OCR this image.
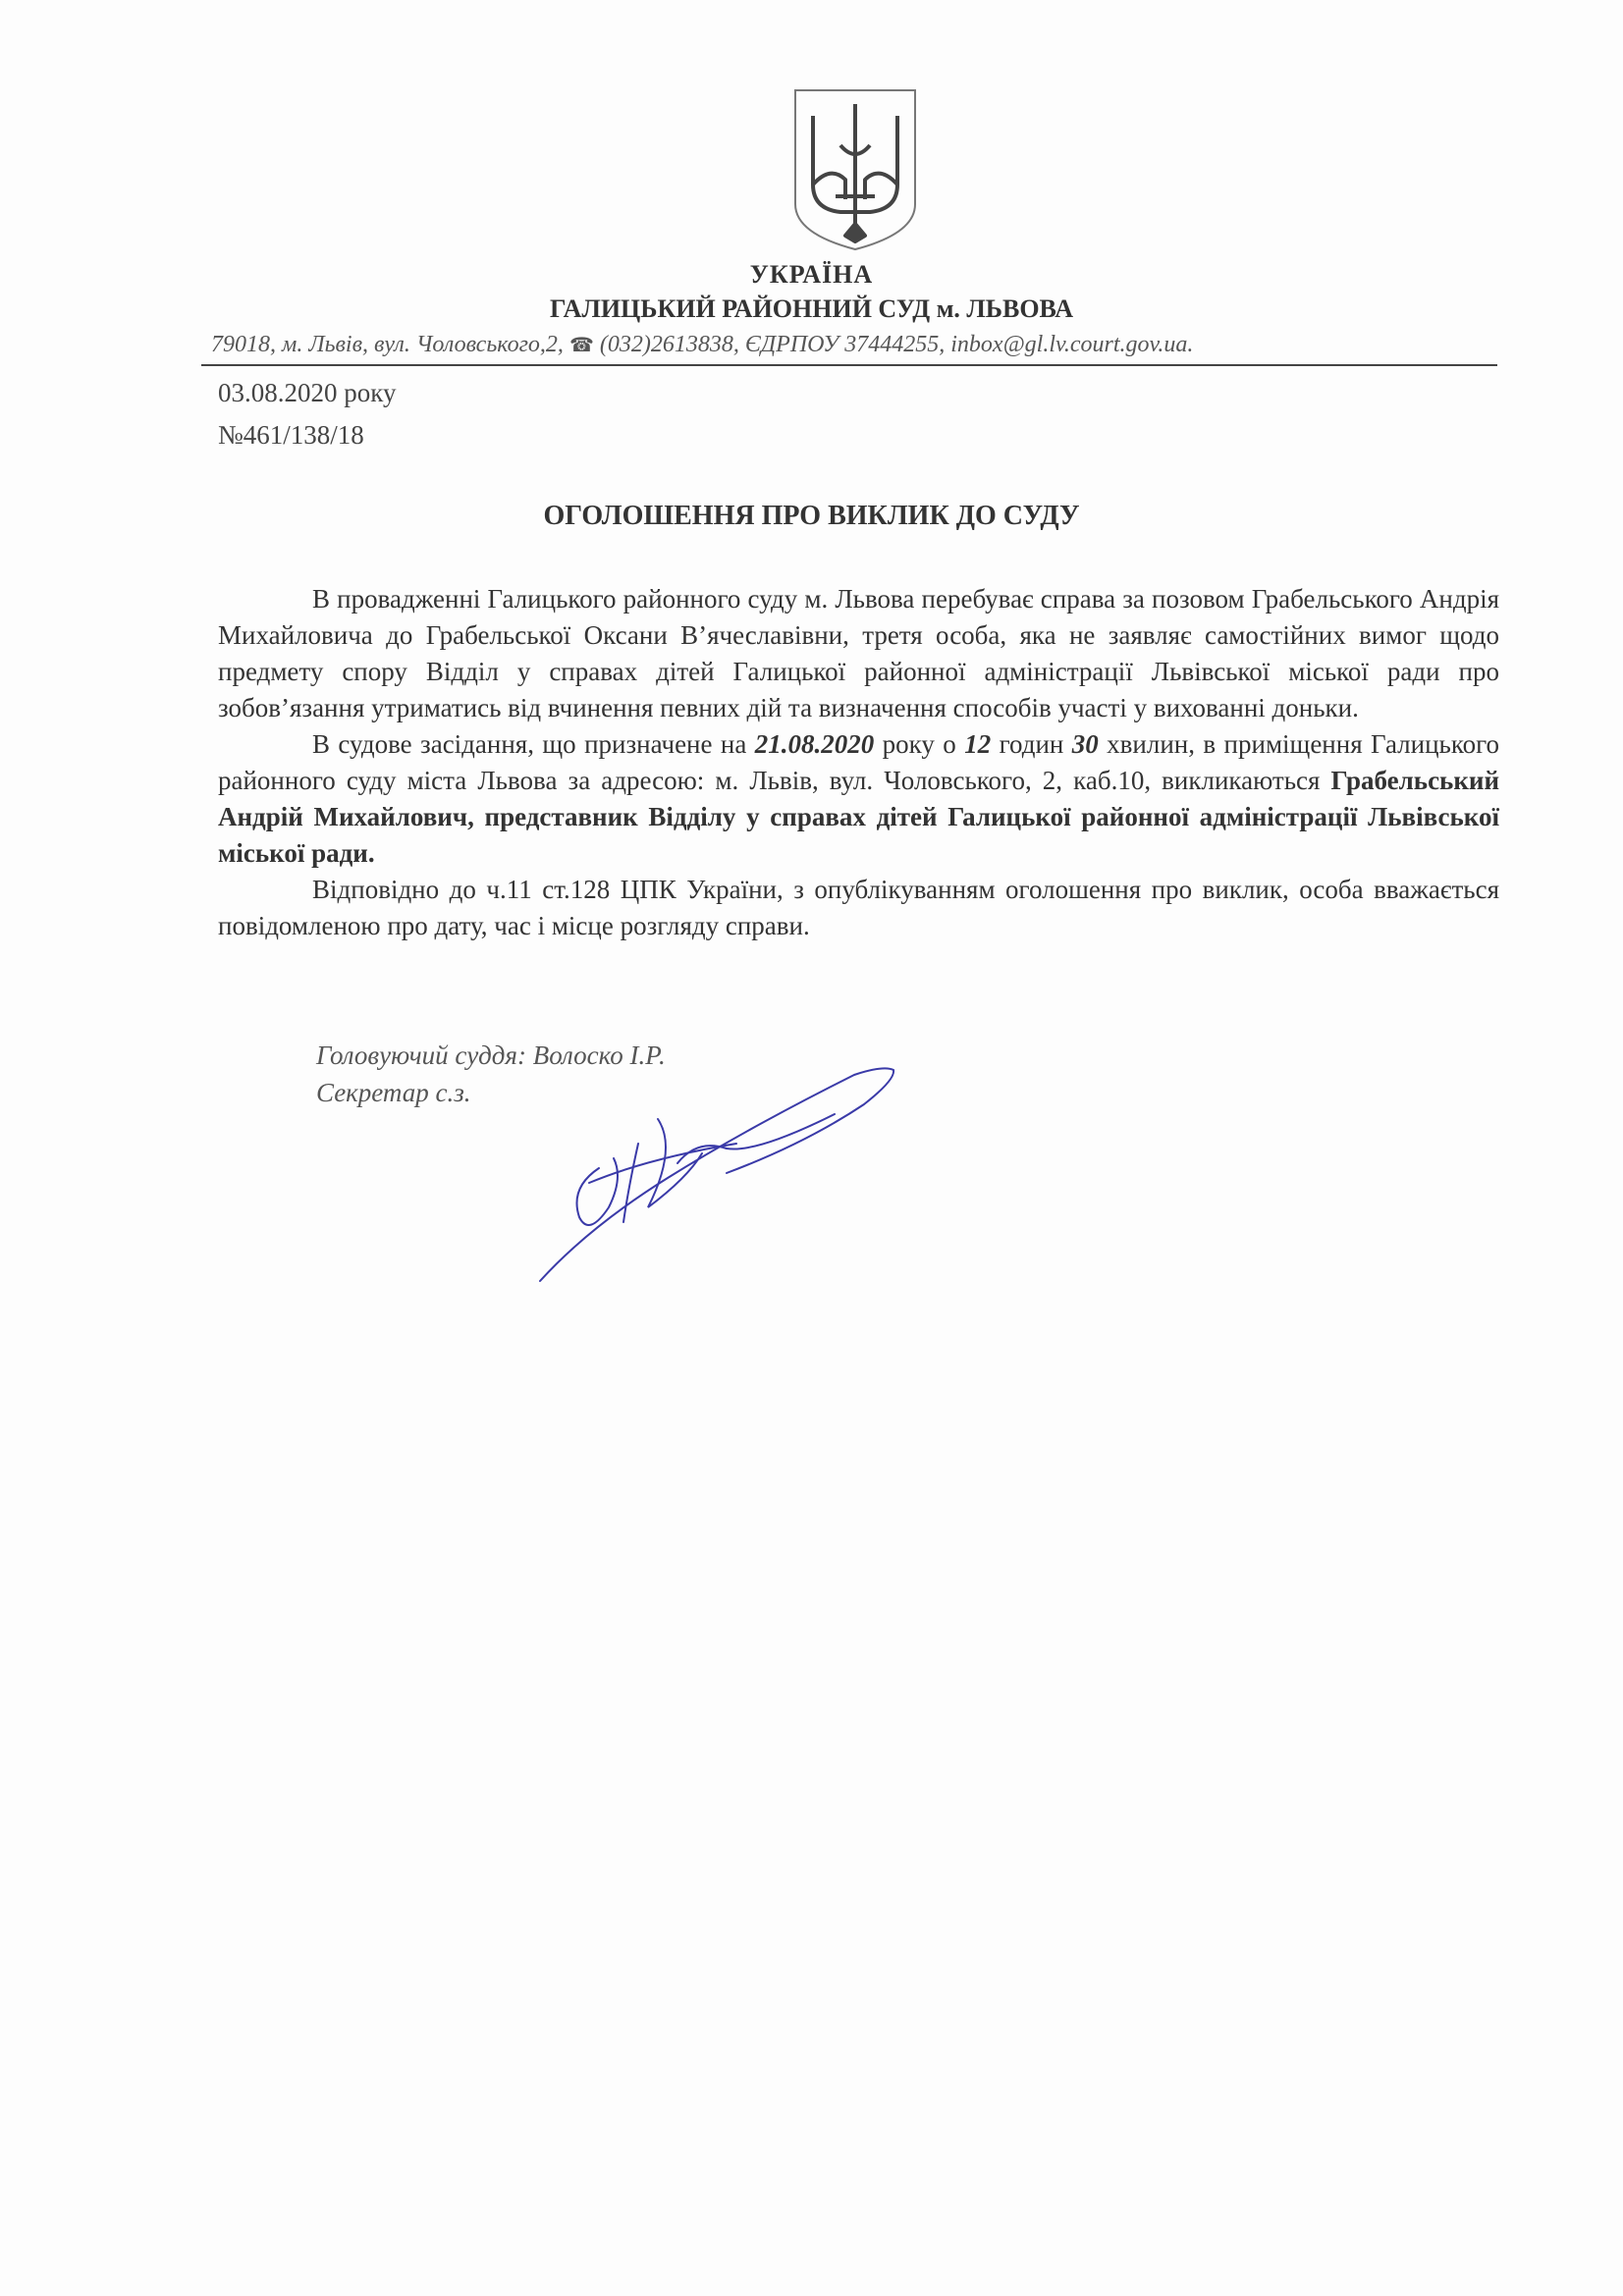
УКРАЇНА
ГАЛИЦЬКИЙ РАЙОННИЙ СУД м. ЛЬВОВА
79018, м. Львів, вул. Чоловського,2, ☎ (032)2613838, ЄДРПОУ 37444255, inbox@gl.lv.court.gov.ua.
03.08.2020 року
№461/138/18
ОГОЛОШЕННЯ ПРО ВИКЛИК ДО СУДУ

В провадженні Галицького районного суду м. Львова перебуває справа за позовом Грабельського Андрія Михайловича до Грабельської Оксани В’ячеславівни, третя особа, яка не заявляє самостійних вимог щодо предмету спору Відділ у справах дітей Галицької районної адміністрації Львівської міської ради про зобов’язання утриматись від вчинення певних дій та визначення способів участі у вихованні доньки.

В судове засідання, що призначене на 21.08.2020 року о 12 годин 30 хвилин, в приміщення Галицького районного суду міста Львова за адресою: м. Львів, вул. Чоловського, 2, каб.10, викликаються Грабельський Андрій Михайлович, представник Відділу у справах дітей Галицької районної адміністрації Львівської міської ради.

Відповідно до ч.11 ст.128 ЦПК України, з опублікуванням оголошення про виклик, особа вважається повідомленою про дату, час і місце розгляду справи.

Головуючий суддя: Волоско І.Р.
Секретар с.з.
